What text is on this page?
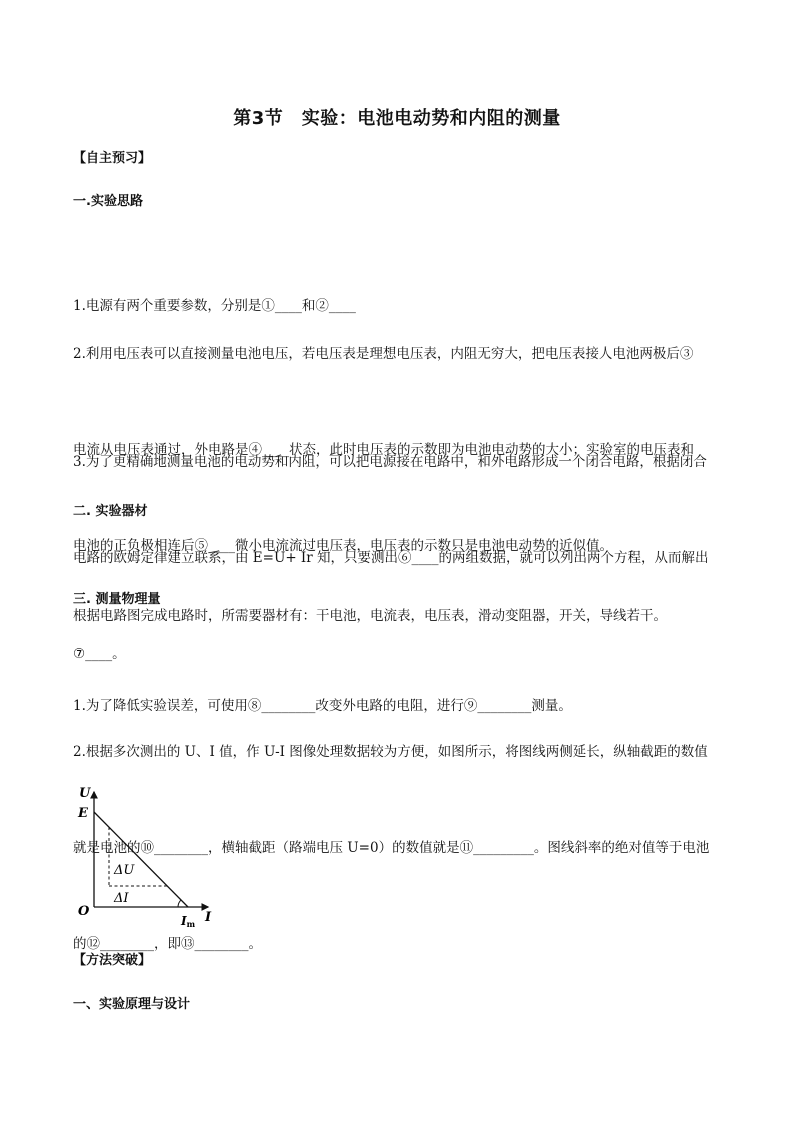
第3节　实验：电池电动势和内阻的测量
【自主预习】
一.实验思路

1.电源有两个重要参数，分别是①____和②____

2.利用电压表可以直接测量电池电压，若电压表是理想电压表，内阻无穷大，把电压表接人电池两极后③

电流从电压表通过，外电路是④____状态，此时电压表的示数即为电池电动势的大小；实验室的电压表和

电池的正负极相连后⑤____微小电流流过电压表，电压表的示数只是电池电动势的近似值。

3.为了更精确地测量电池的电动势和内阻，可以把电源接在电路中，和外电路形成一个闭合电路，根据闭合

电路的欧姆定律建立联系，由 E=U+ Ir 知，只要测出⑥____的两组数据，就可以列出两个方程，从而解出

⑦____。

二. 实验器材

根据电路图完成电路时，所需要器材有：干电池，电流表，电压表，滑动变阻器，开关，导线若干。

三. 测量物理量

1.为了降低实验误差，可使用⑧________改变外电路的电阻，进行⑨________测量。

2.根据多次测出的 U、I 值，作 U-I 图像处理数据较为方便，如图所示，将图线两侧延长，纵轴截距的数值

就是电池的⑩________，横轴截距（路端电压 U=0）的数值就是⑪_________。图线斜率的绝对值等于电池

的⑫________，即⑬________。

U
E
ΔU
ΔI
O	I
Im
【方法突破】
一、实验原理与设计
